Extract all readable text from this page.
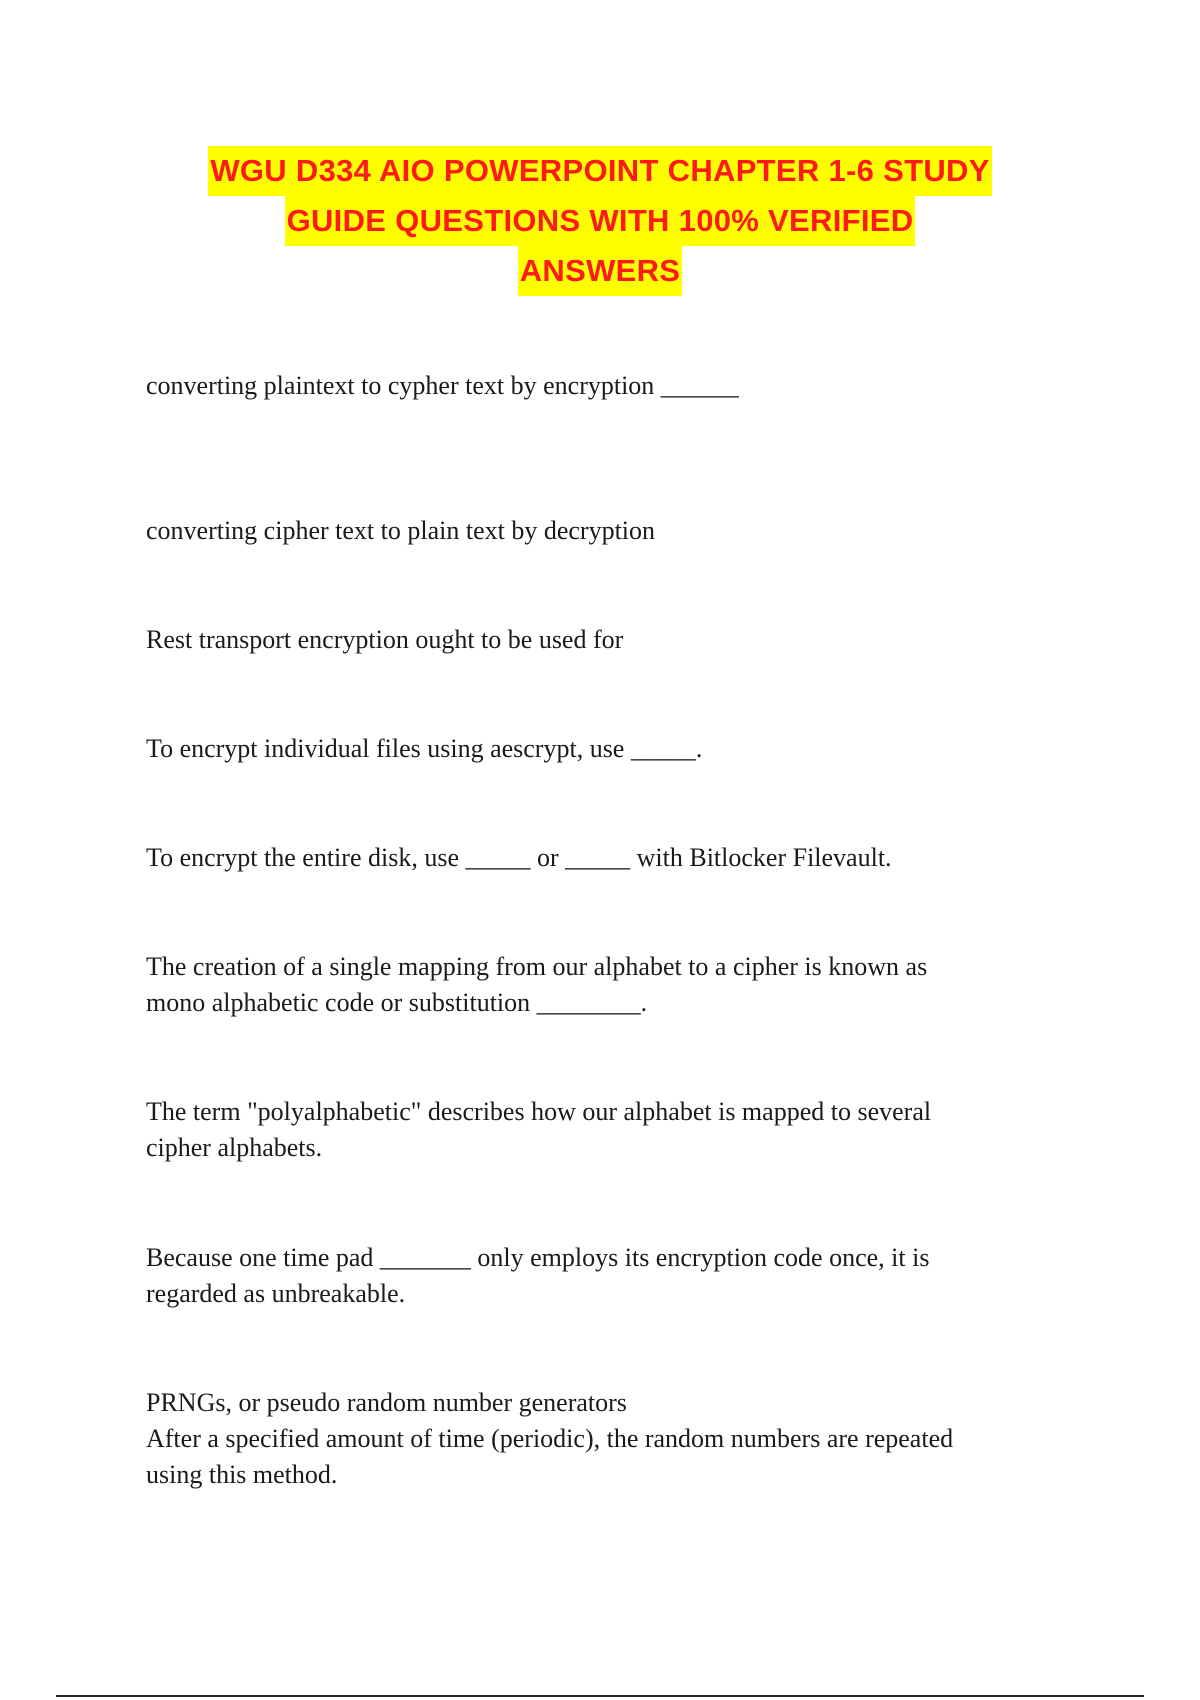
WGU D334 AIO POWERPOINT CHAPTER 1-6 STUDY
GUIDE QUESTIONS WITH 100% VERIFIED
ANSWERS

converting plaintext to cypher text by encryption ______

converting cipher text to plain text by decryption

Rest transport encryption ought to be used for

To encrypt individual files using aescrypt, use _____.

To encrypt the entire disk, use _____ or _____ with Bitlocker Filevault.

The creation of a single mapping from our alphabet to a cipher is known as
mono alphabetic code or substitution ________.

The term "polyalphabetic" describes how our alphabet is mapped to several
cipher alphabets.

Because one time pad _______ only employs its encryption code once, it is
regarded as unbreakable.

PRNGs, or pseudo random number generators
After a specified amount of time (periodic), the random numbers are repeated
using this method.
